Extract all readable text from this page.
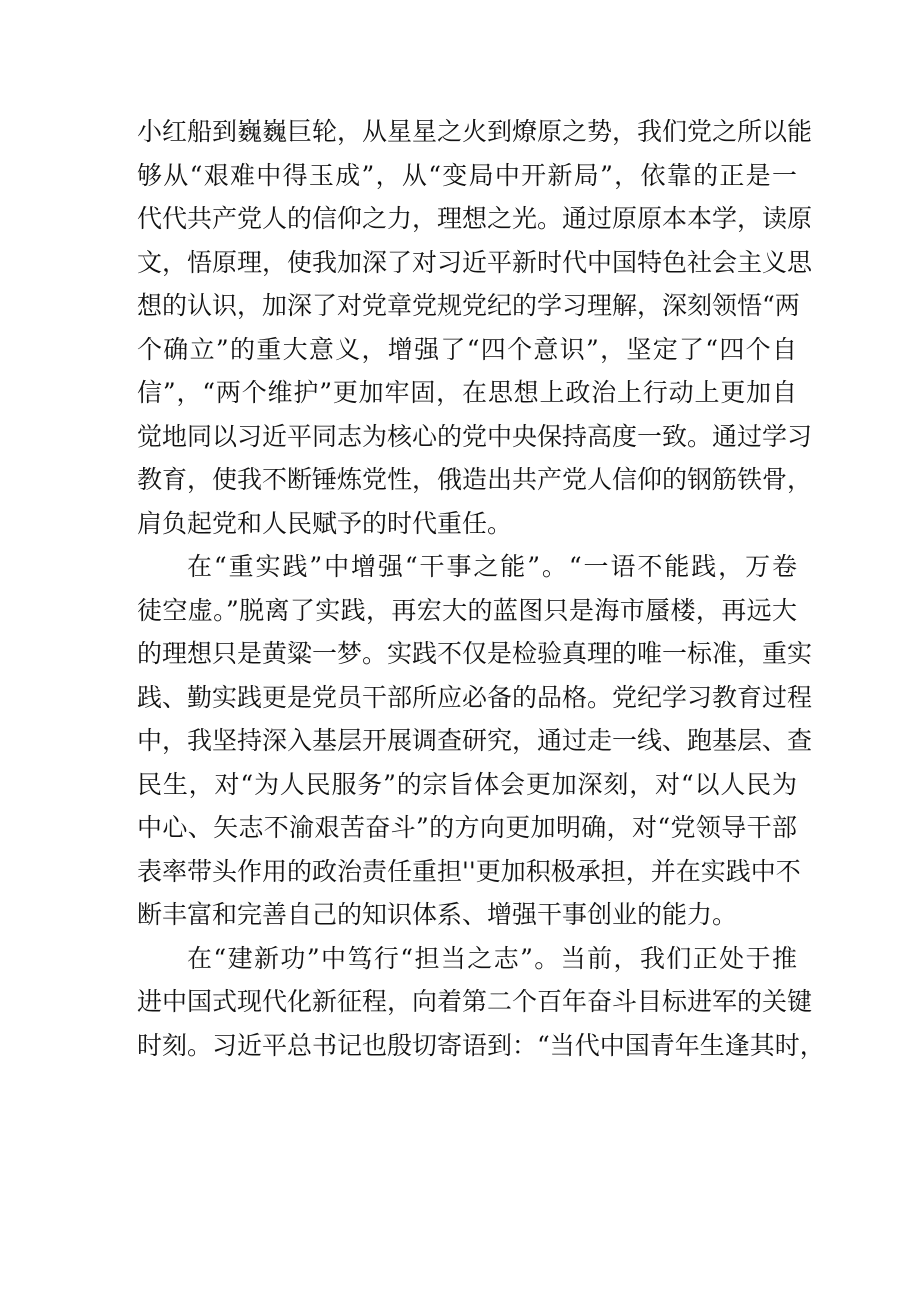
小红船到巍巍巨轮，从星星之火到燎原之势，我们党之所以能
够从“艰难中得玉成”，从“变局中开新局”，依靠的正是一
代代共产党人的信仰之力，理想之光。通过原原本本学，读原
文，悟原理，使我加深了对习近平新时代中国特色社会主义思
想的认识，加深了对党章党规党纪的学习理解，深刻领悟“两
个确立”的重大意义，增强了“四个意识”，坚定了“四个自
信”，“两个维护”更加牢固，在思想上政治上行动上更加自
觉地同以习近平同志为核心的党中央保持高度一致。通过学习
教育，使我不断锤炼党性，俄造出共产党人信仰的钢筋铁骨，
肩负起党和人民赋予的时代重任。
在“重实践”中增强“干事之能”。“一语不能践，万卷
徒空虚。”脱离了实践，再宏大的蓝图只是海市蜃楼，再远大
的理想只是黄粱一梦。实践不仅是检验真理的唯一标准，重实
践、勤实践更是党员干部所应必备的品格。党纪学习教育过程
中，我坚持深入基层开展调查研究，通过走一线、跑基层、查
民生，对“为人民服务”的宗旨体会更加深刻，对“以人民为
中心、矢志不渝艰苦奋斗”的方向更加明确，对“党领导干部
表率带头作用的政治责任重担''更加积极承担，并在实践中不
断丰富和完善自己的知识体系、增强干事创业的能力。
在“建新功”中笃行“担当之志”。当前，我们正处于推
进中国式现代化新征程，向着第二个百年奋斗目标进军的关键
时刻。习近平总书记也殷切寄语到：“当代中国青年生逢其时，
